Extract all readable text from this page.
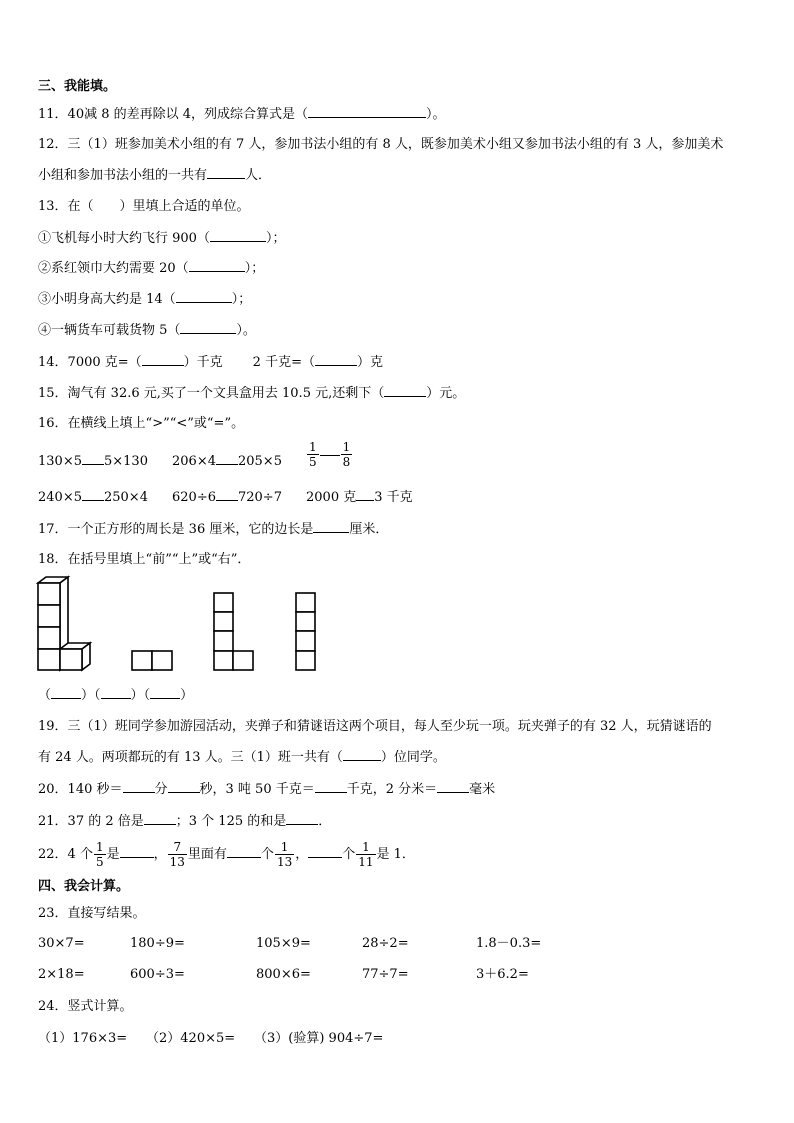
三、我能填。
11．40减 8 的差再除以 4，列成综合算式是（	）。
12．三（1）班参加美术小组的有 7 人，参加书法小组的有 8 人，既参加美术小组又参加书法小组的有 3 人，参加美术
小组和参加书法小组的一共有	人．
13．在（　　）里填上合适的单位。
①飞机每小时大约飞行 900（	）；
②系红领巾大约需要 20（	）；
③小明身高大约是 14（	）；
④一辆货车可载货物 5（	）。
14．7000 克=（	）千克 2 千克=（	）克
15．淘气有 32.6 元,买了一个文具盒用去 10.5 元,还剩下（	）元。
16．在横线上填上“>”“<”或“=”。
130×5 5×130 206×4 $205\times 5 \frac{1}{5} \frac{1}{8}$
240×5 250×4 620÷6 720÷7 2000 克 3 千克
17．一个正方形的周长是 36 厘米，它的边长是	厘米．
18．在括号里填上“前”“上”或“右”．
（ ）（ ）（ ）
19．三（1）班同学参加游园活动，夹弹子和猜谜语这两个项目，每人至少玩一项。玩夹弹子的有 32 人，玩猜谜语的
有 24 人。两项都玩的有 13 人。三（1）班一共有（	）位同学。
20．140 秒＝ 分 秒，3 吨 50 千克＝ 千克，2 分米＝ 毫米
21．37 的 2 倍是 ；3 个 125 的和是 ．
22．4 个 $\frac{1}{5}$ 是	， $\frac{7}{13}$ 里面有	个 $\frac{1}{13}$ ，	个 $\frac{1}{11}$ 是 1．
四、我会计算。
23．直接写结果。
30×7=	180÷9=	105×9=	28÷2=	1.8－0.3=
2×18=	600÷3=	800×6=	77÷7=	3＋6.2=
24．竖式计算。
（1）176×3= （2）420×5= （3）(验算) 904÷7=
